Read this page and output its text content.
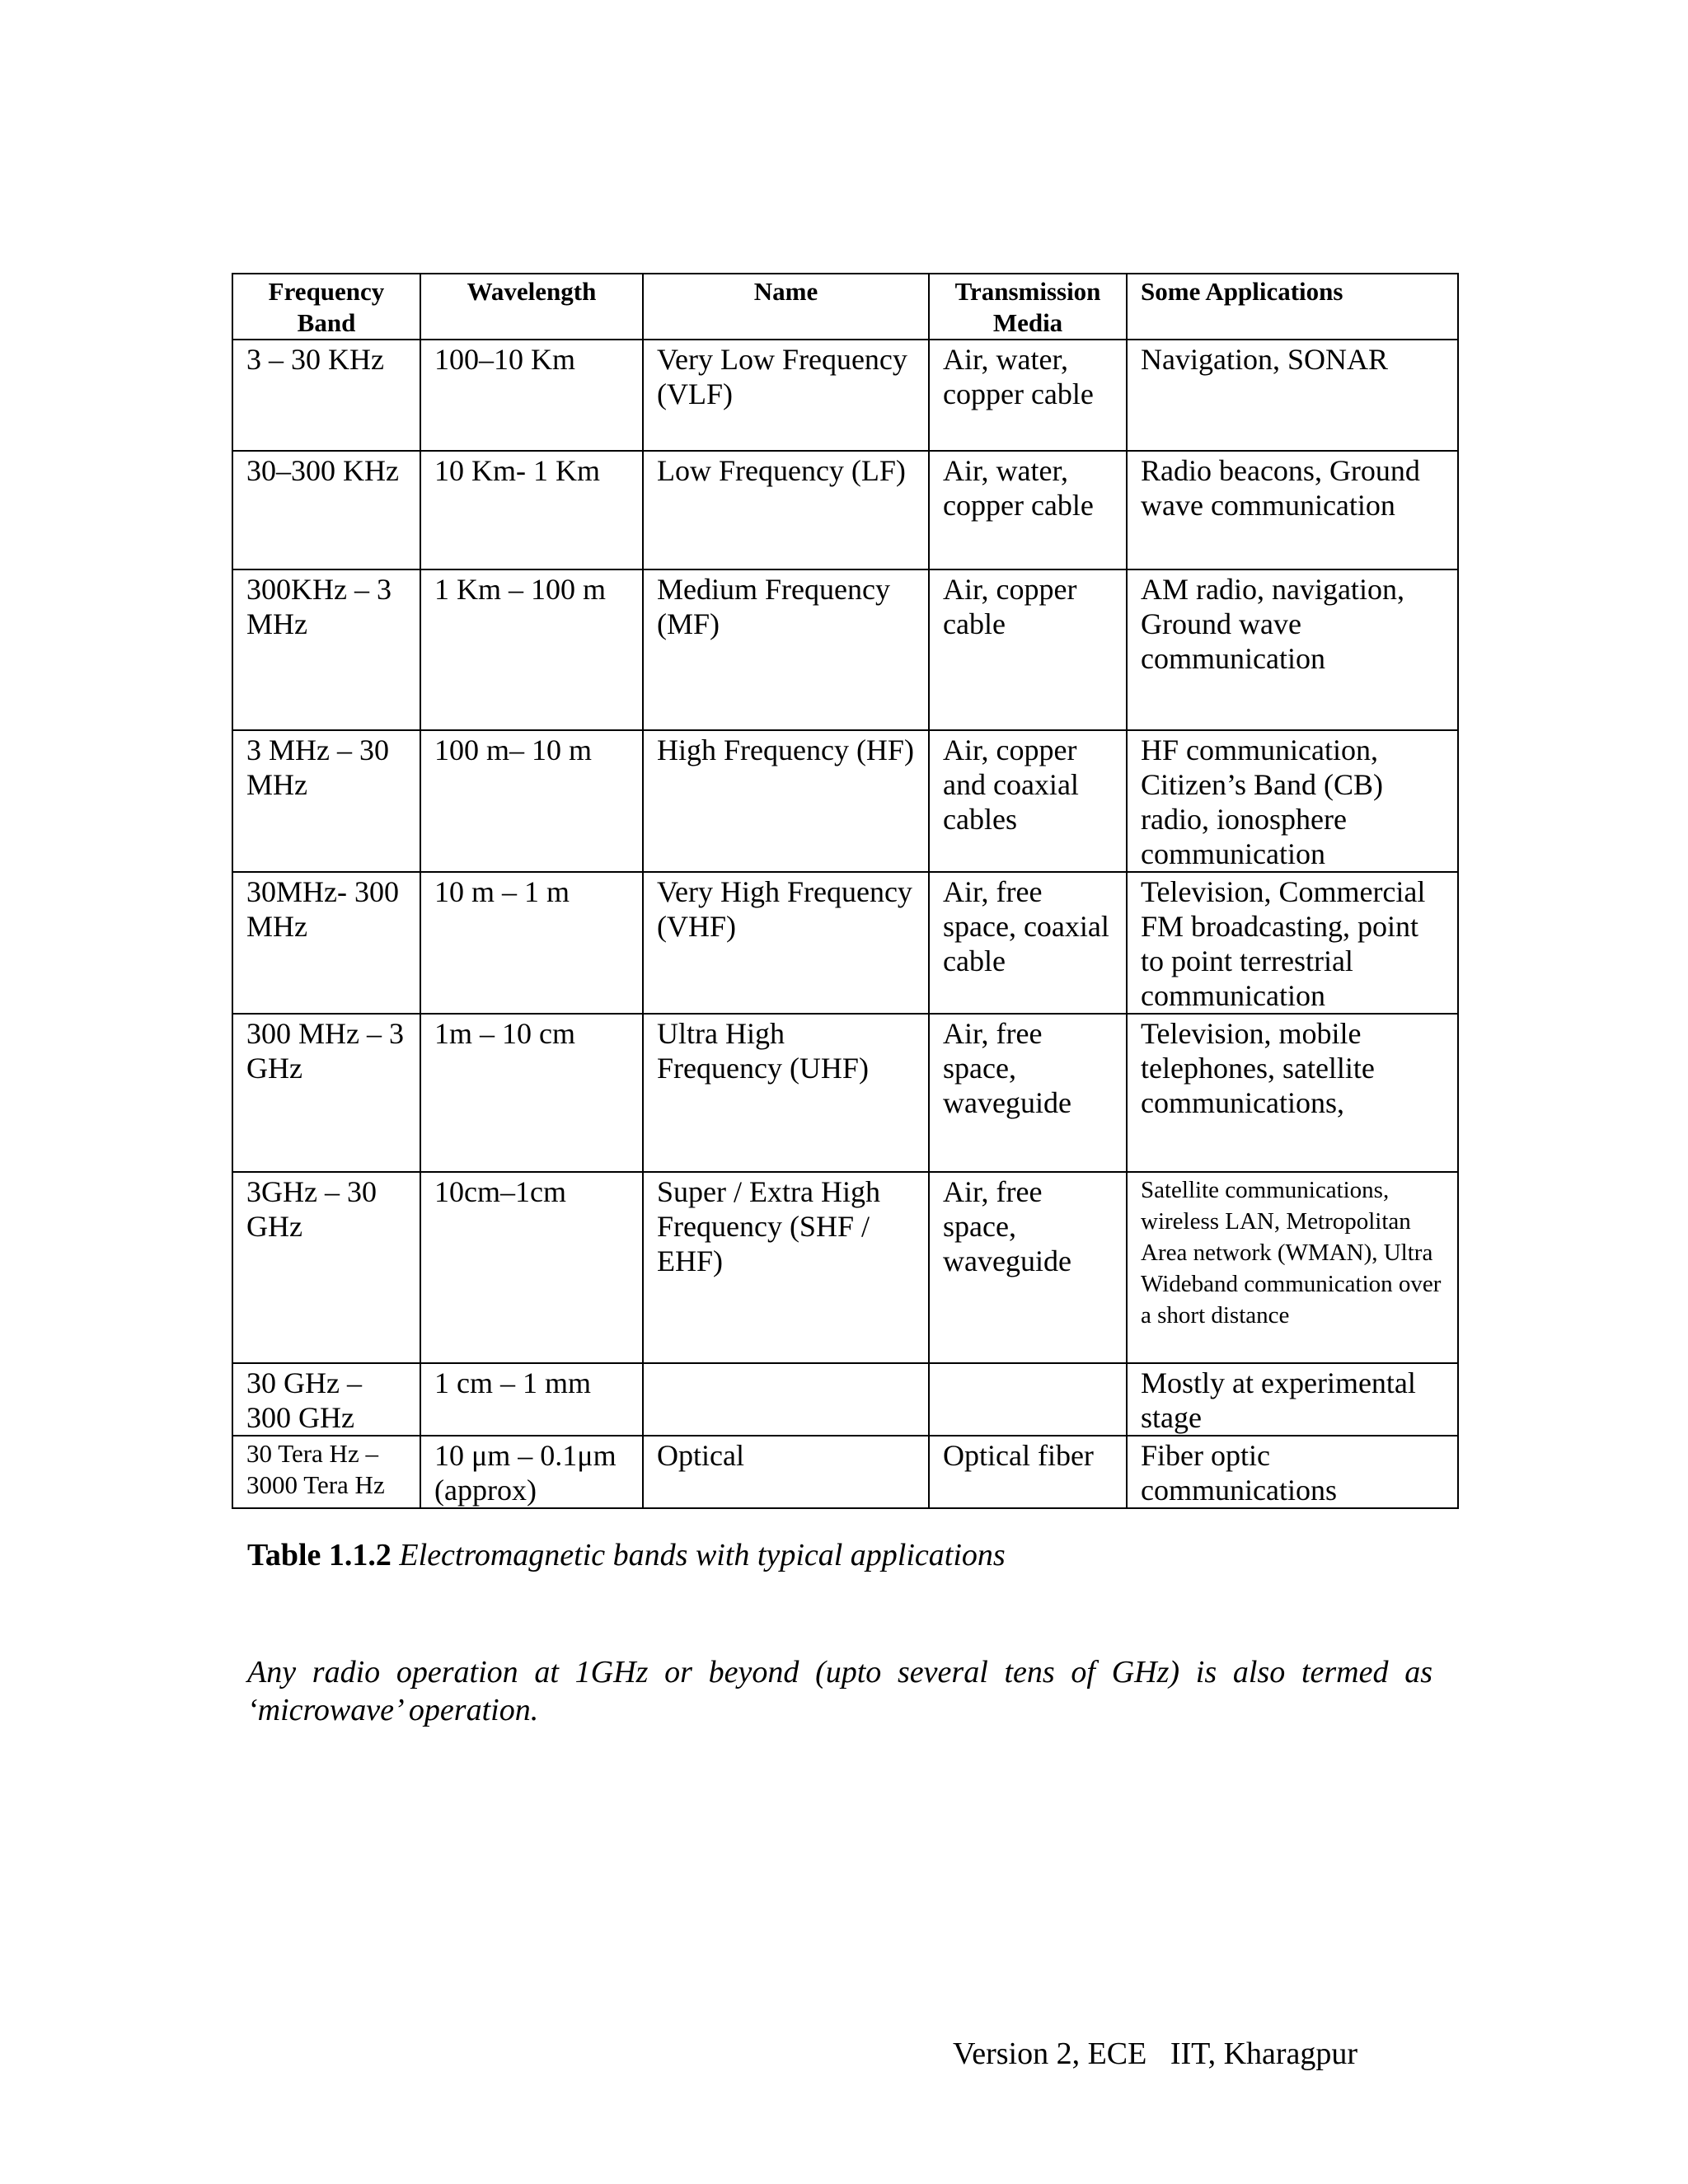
Frequency Band	Wavelength	Name	Transmission Media	Some Applications
3 – 30 KHz	100–10 Km	Very Low Frequency (VLF)	Air, water, copper cable	Navigation, SONAR
30–300 KHz	10 Km- 1 Km	Low Frequency (LF)	Air, water, copper cable	Radio beacons, Ground wave communication
300KHz – 3 MHz	1 Km – 100 m	Medium Frequency (MF)	Air, copper cable	AM radio, navigation, Ground wave communication
3 MHz – 30 MHz	100 m– 10 m	High Frequency (HF)	Air, copper and coaxial cables	HF communication, Citizen’s Band (CB) radio, ionosphere communication
30MHz- 300 MHz	10 m – 1 m	Very High Frequency (VHF)	Air, free space, coaxial cable	Television, Commercial FM broadcasting, point to point terrestrial communication
300 MHz – 3 GHz	1m – 10 cm	Ultra High Frequency (UHF)	Air, free space, waveguide	Television, mobile telephones, satellite communications,
3GHz – 30 GHz	10cm–1cm	Super / Extra High Frequency (SHF / EHF)	Air, free space, waveguide	Satellite communications, wireless LAN, Metropolitan Area network (WMAN), Ultra Wideband communication over a short distance
30 GHz – 300 GHz	1 cm – 1 mm			Mostly at experimental stage
30 Tera Hz – 3000 Tera Hz	10 μm – 0.1μm (approx)	Optical	Optical fiber	Fiber optic communications
Table 1.1.2 Electromagnetic bands with typical applications
Any radio operation at 1GHz or beyond (upto several tens of GHz) is also termed as ‘microwave’ operation.
Version 2, ECE   IIT, Kharagpur
